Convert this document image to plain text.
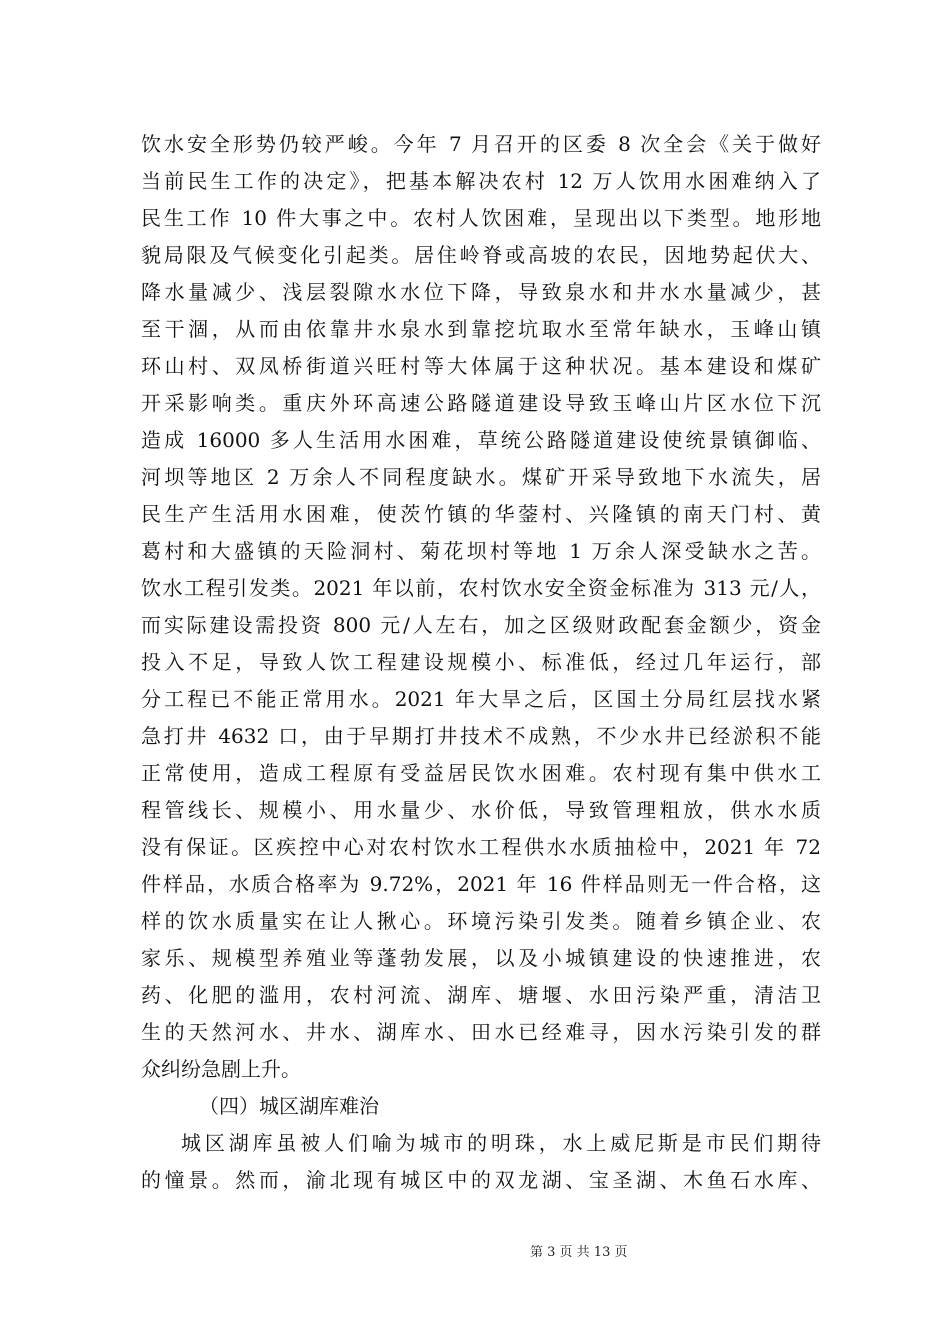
饮水安全形势仍较严峻。今年 7 月召开的区委 8 次全会《关于做好
当前民生工作的决定》，把基本解决农村 12 万人饮用水困难纳入了
民生工作 10 件大事之中。农村人饮困难，呈现出以下类型。地形地
貌局限及气候变化引起类。居住岭脊或高坡的农民，因地势起伏大、
降水量减少、浅层裂隙水水位下降，导致泉水和井水水量减少，甚
至干涸，从而由依靠井水泉水到靠挖坑取水至常年缺水，玉峰山镇
环山村、双凤桥街道兴旺村等大体属于这种状况。基本建设和煤矿
开采影响类。重庆外环高速公路隧道建设导致玉峰山片区水位下沉
造成 16000 多人生活用水困难，草统公路隧道建设使统景镇御临、
河坝等地区 2 万余人不同程度缺水。煤矿开采导致地下水流失，居
民生产生活用水困难，使茨竹镇的华蓥村、兴隆镇的南天门村、黄
葛村和大盛镇的天险洞村、菊花坝村等地 1 万余人深受缺水之苦。
饮水工程引发类。2021 年以前，农村饮水安全资金标准为 313 元/人，
而实际建设需投资 800 元/人左右，加之区级财政配套金额少，资金
投入不足，导致人饮工程建设规模小、标准低，经过几年运行，部
分工程已不能正常用水。2021 年大旱之后，区国土分局红层找水紧
急打井 4632 口，由于早期打井技术不成熟，不少水井已经淤积不能
正常使用，造成工程原有受益居民饮水困难。农村现有集中供水工
程管线长、规模小、用水量少、水价低，导致管理粗放，供水水质
没有保证。区疾控中心对农村饮水工程供水水质抽检中，2021 年 72
件样品，水质合格率为 9.72%，2021 年 16 件样品则无一件合格，这
样的饮水质量实在让人揪心。环境污染引发类。随着乡镇企业、农
家乐、规模型养殖业等蓬勃发展，以及小城镇建设的快速推进，农
药、化肥的滥用，农村河流、湖库、塘堰、水田污染严重，清洁卫
生的天然河水、井水、湖库水、田水已经难寻，因水污染引发的群
众纠纷急剧上升。
（四）城区湖库难治
城区湖库虽被人们喻为城市的明珠，水上威尼斯是市民们期待
的憧景。然而，渝北现有城区中的双龙湖、宝圣湖、木鱼石水库、
第 3 页 共 13 页
